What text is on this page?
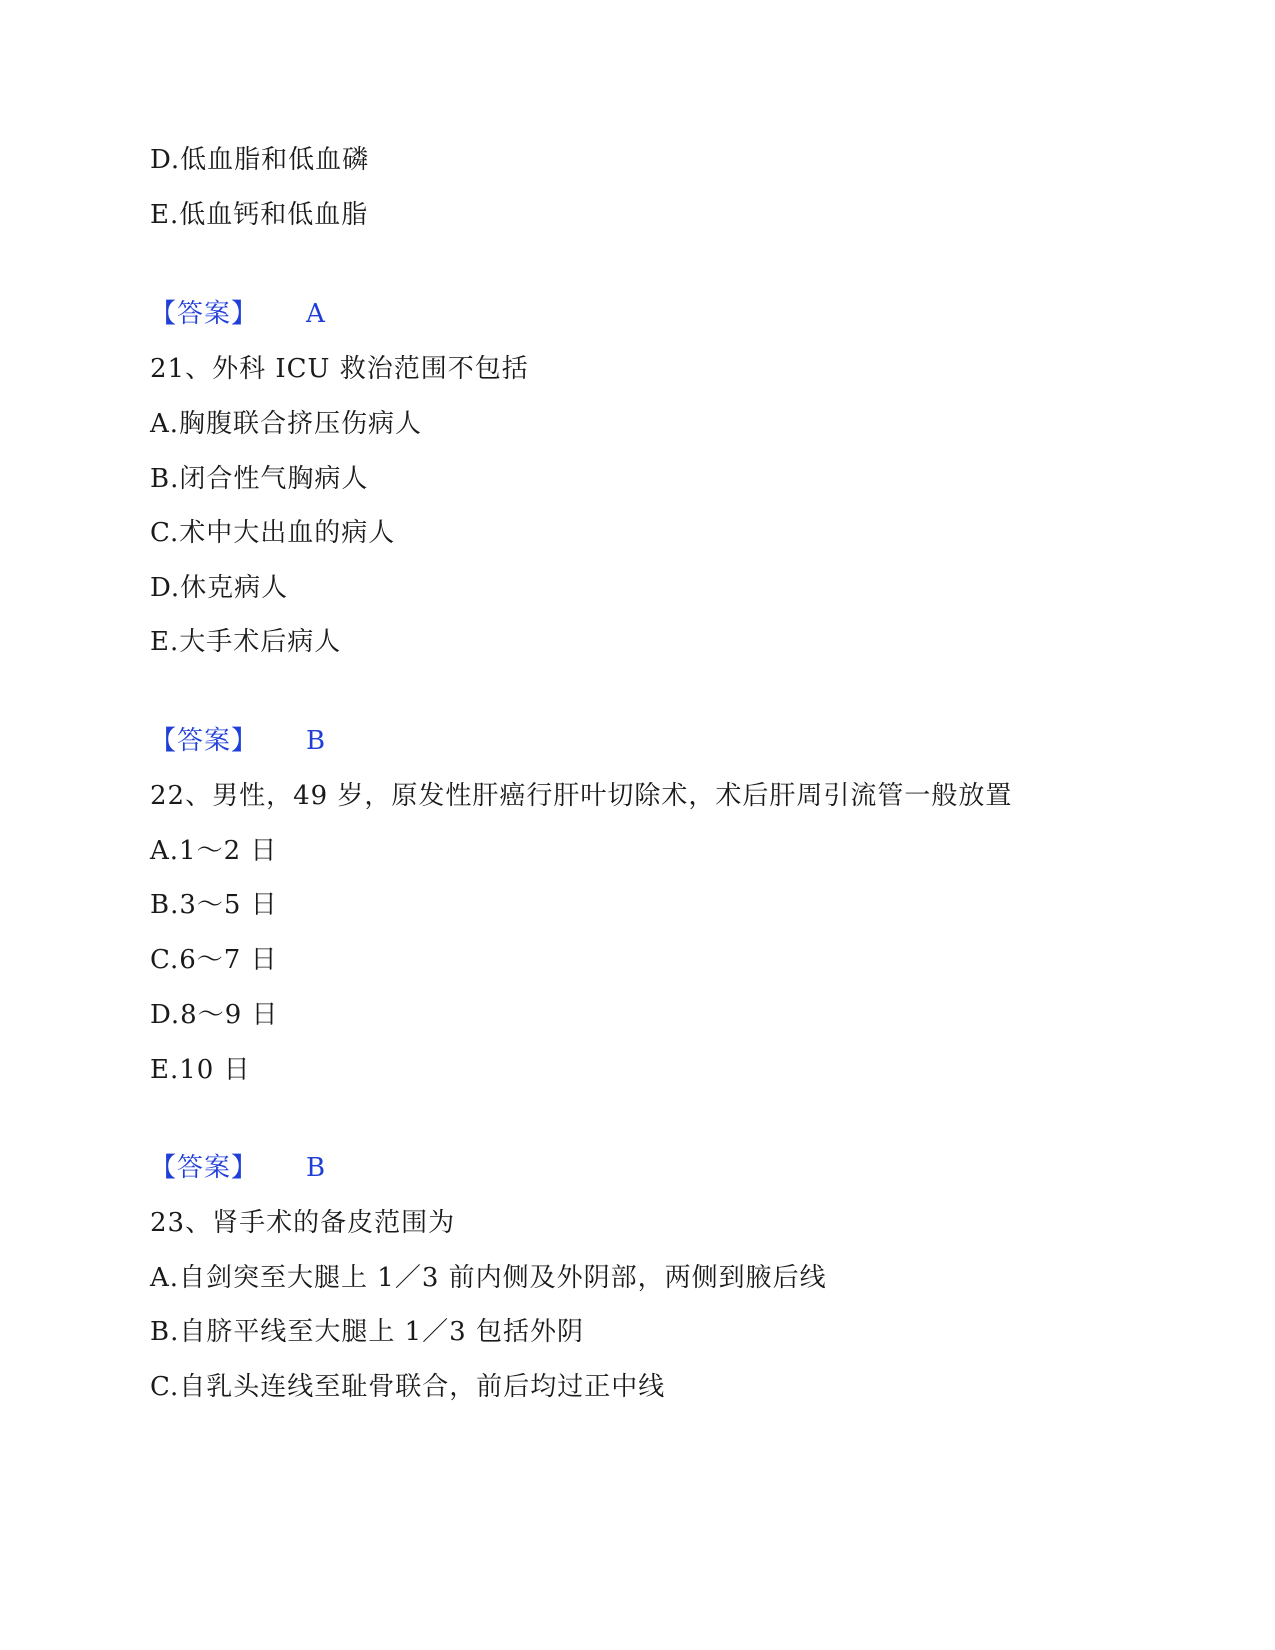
D.低血脂和低血磷
E.低血钙和低血脂
【答案】 A
21、外科 ICU 救治范围不包括
A.胸腹联合挤压伤病人
B.闭合性气胸病人
C.术中大出血的病人
D.休克病人
E.大手术后病人
【答案】 B
22、男性，49 岁，原发性肝癌行肝叶切除术，术后肝周引流管一般放置
A.1～2 日
B.3～5 日
C.6～7 日
D.8～9 日
E.10 日
【答案】 B
23、肾手术的备皮范围为
A.自剑突至大腿上 1／3 前内侧及外阴部，两侧到腋后线
B.自脐平线至大腿上 1／3 包括外阴
C.自乳头连线至耻骨联合，前后均过正中线
